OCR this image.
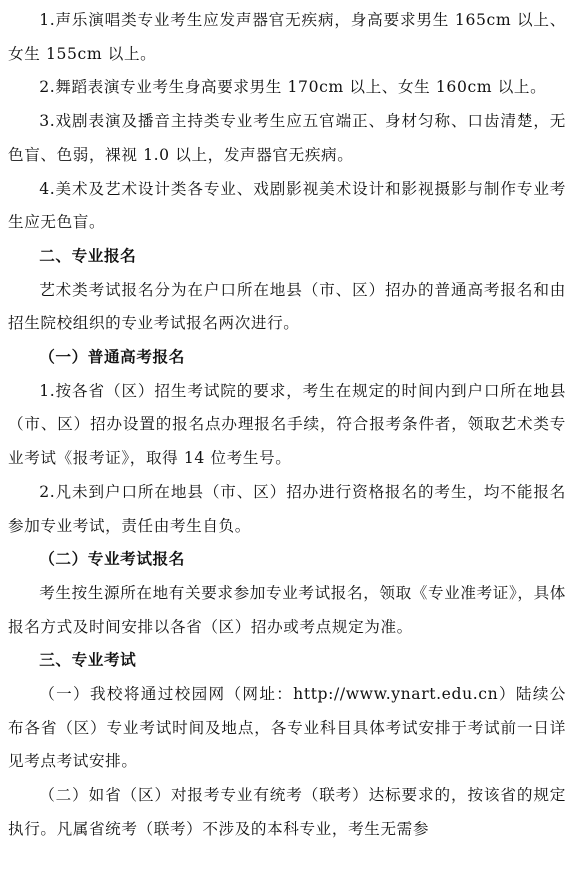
1.声乐演唱类专业考生应发声器官无疾病，身高要求男生 165cm 以上、女生 155cm 以上。

2.舞蹈表演专业考生身高要求男生 170cm 以上、女生 160cm 以上。

3.戏剧表演及播音主持类专业考生应五官端正、身材匀称、口齿清楚，无色盲、色弱，裸视 1.0 以上，发声器官无疾病。

4.美术及艺术设计类各专业、戏剧影视美术设计和影视摄影与制作专业考生应无色盲。

二、专业报名

艺术类考试报名分为在户口所在地县（市、区）招办的普通高考报名和由招生院校组织的专业考试报名两次进行。

（一）普通高考报名

1.按各省（区）招生考试院的要求，考生在规定的时间内到户口所在地县（市、区）招办设置的报名点办理报名手续，符合报考条件者，领取艺术类专业考试《报考证》，取得 14 位考生号。

2.凡未到户口所在地县（市、区）招办进行资格报名的考生，均不能报名参加专业考试，责任由考生自负。

（二）专业考试报名

考生按生源所在地有关要求参加专业考试报名，领取《专业准考证》，具体报名方式及时间安排以各省（区）招办或考点规定为准。

三、专业考试

（一）我校将通过校园网（网址：http://www.ynart.edu.cn）陆续公布各省（区）专业考试时间及地点，各专业科目具体考试安排于考试前一日详见考点考试安排。

（二）如省（区）对报考专业有统考（联考）达标要求的，按该省的规定执行。凡属省统考（联考）不涉及的本科专业，考生无需参
